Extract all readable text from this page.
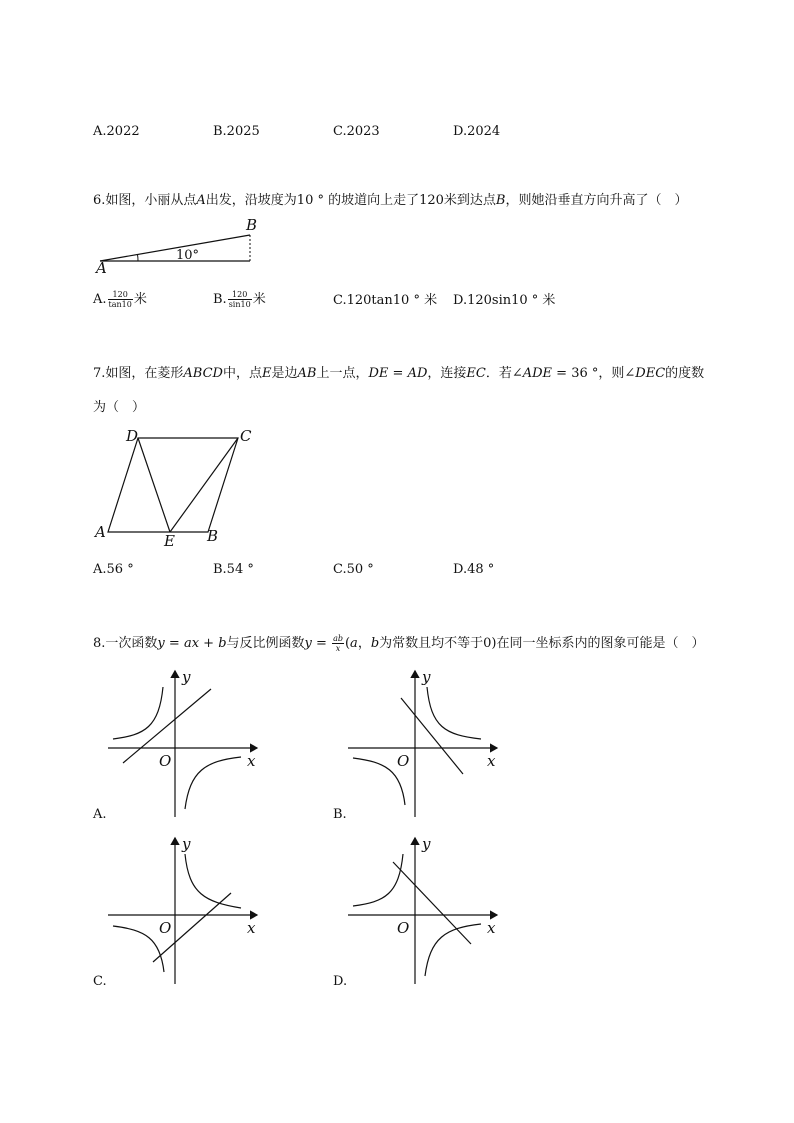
A.2022	B.2025	C.2023	D.2024
6.如图，小丽从点A出发，沿坡度为10 ° 的坡道向上走了120米到达点B，则她沿垂直方向升高了（　）
A
B
10°
A. $\frac{120}{\tan 10}$ 米	B. $\frac{120}{\sin 10}$ 米	C.120tan10 ° 米 D.120sin10 ° 米
7.如图，在菱形ABCD中，点E是边AB上一点，DE = AD，连接EC．若∠ADE = 36 °，则∠DEC的度数
为（　）
A	B
C
D
E
A.56 °	B.54 °	C.50 °	D.48 °
8.一次函数y = ax + b与反比例函数$y = \frac{ab}{x} (a$，b为常数且均不等于0)在同一坐标系内的图象可能是（　）
O	x
y
A.
O	x
y
B.
O	x
y
C.
O	x
y
D.
